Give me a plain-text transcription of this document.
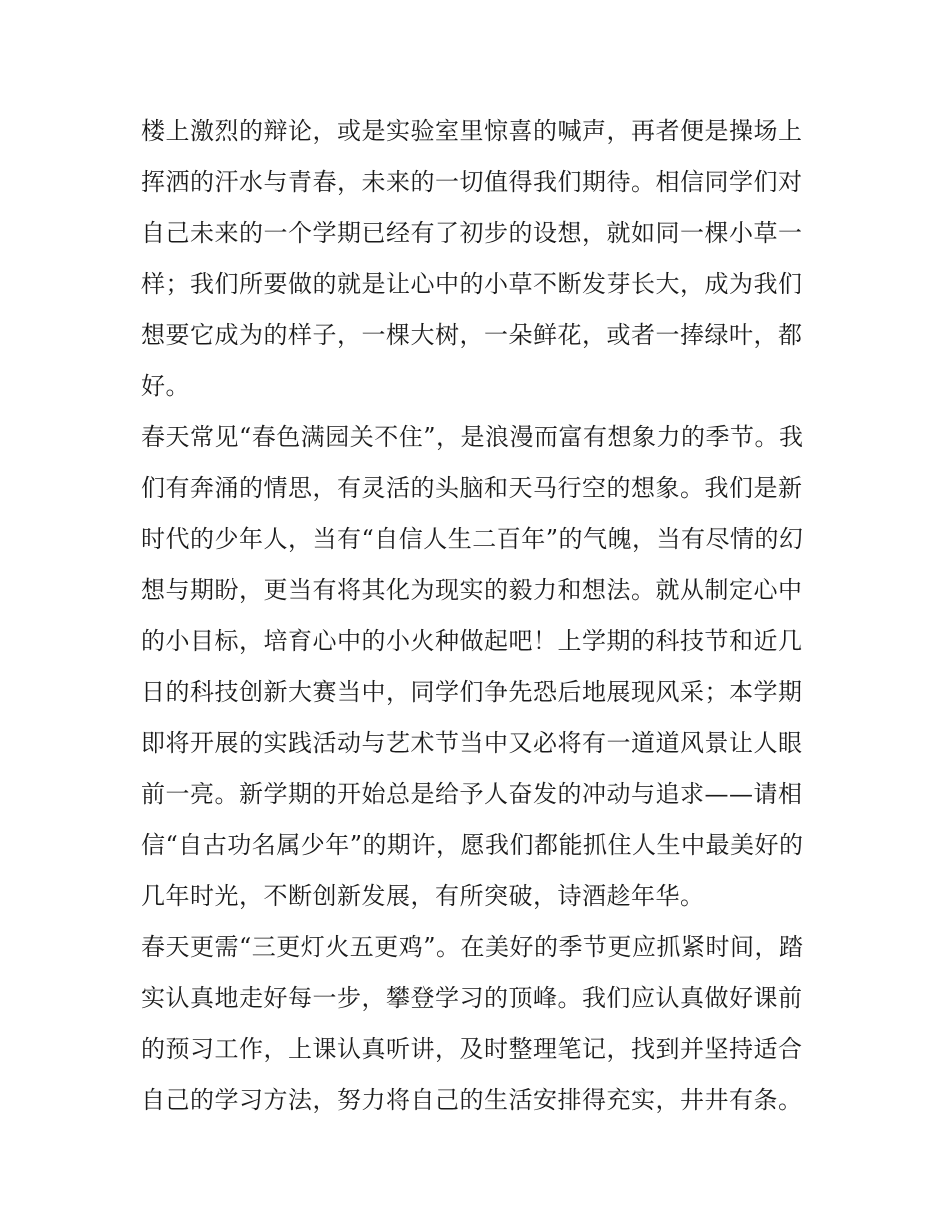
楼上激烈的辩论，或是实验室里惊喜的喊声，再者便是操场上
挥洒的汗水与青春，未来的一切值得我们期待。相信同学们对
自己未来的一个学期已经有了初步的设想，就如同一棵小草一
样；我们所要做的就是让心中的小草不断发芽长大，成为我们
想要它成为的样子，一棵大树，一朵鲜花，或者一捧绿叶，都
好。
春天常见“春色满园关不住”，是浪漫而富有想象力的季节。我
们有奔涌的情思，有灵活的头脑和天马行空的想象。我们是新
时代的少年人，当有“自信人生二百年”的气魄，当有尽情的幻
想与期盼，更当有将其化为现实的毅力和想法。就从制定心中
的小目标，培育心中的小火种做起吧！上学期的科技节和近几
日的科技创新大赛当中，同学们争先恐后地展现风采；本学期
即将开展的实践活动与艺术节当中又必将有一道道风景让人眼
前一亮。新学期的开始总是给予人奋发的冲动与追求——请相
信“自古功名属少年”的期许，愿我们都能抓住人生中最美好的
几年时光，不断创新发展，有所突破，诗酒趁年华。
春天更需“三更灯火五更鸡”。在美好的季节更应抓紧时间，踏
实认真地走好每一步，攀登学习的顶峰。我们应认真做好课前
的预习工作，上课认真听讲，及时整理笔记，找到并坚持适合
自己的学习方法，努力将自己的生活安排得充实，井井有条。
